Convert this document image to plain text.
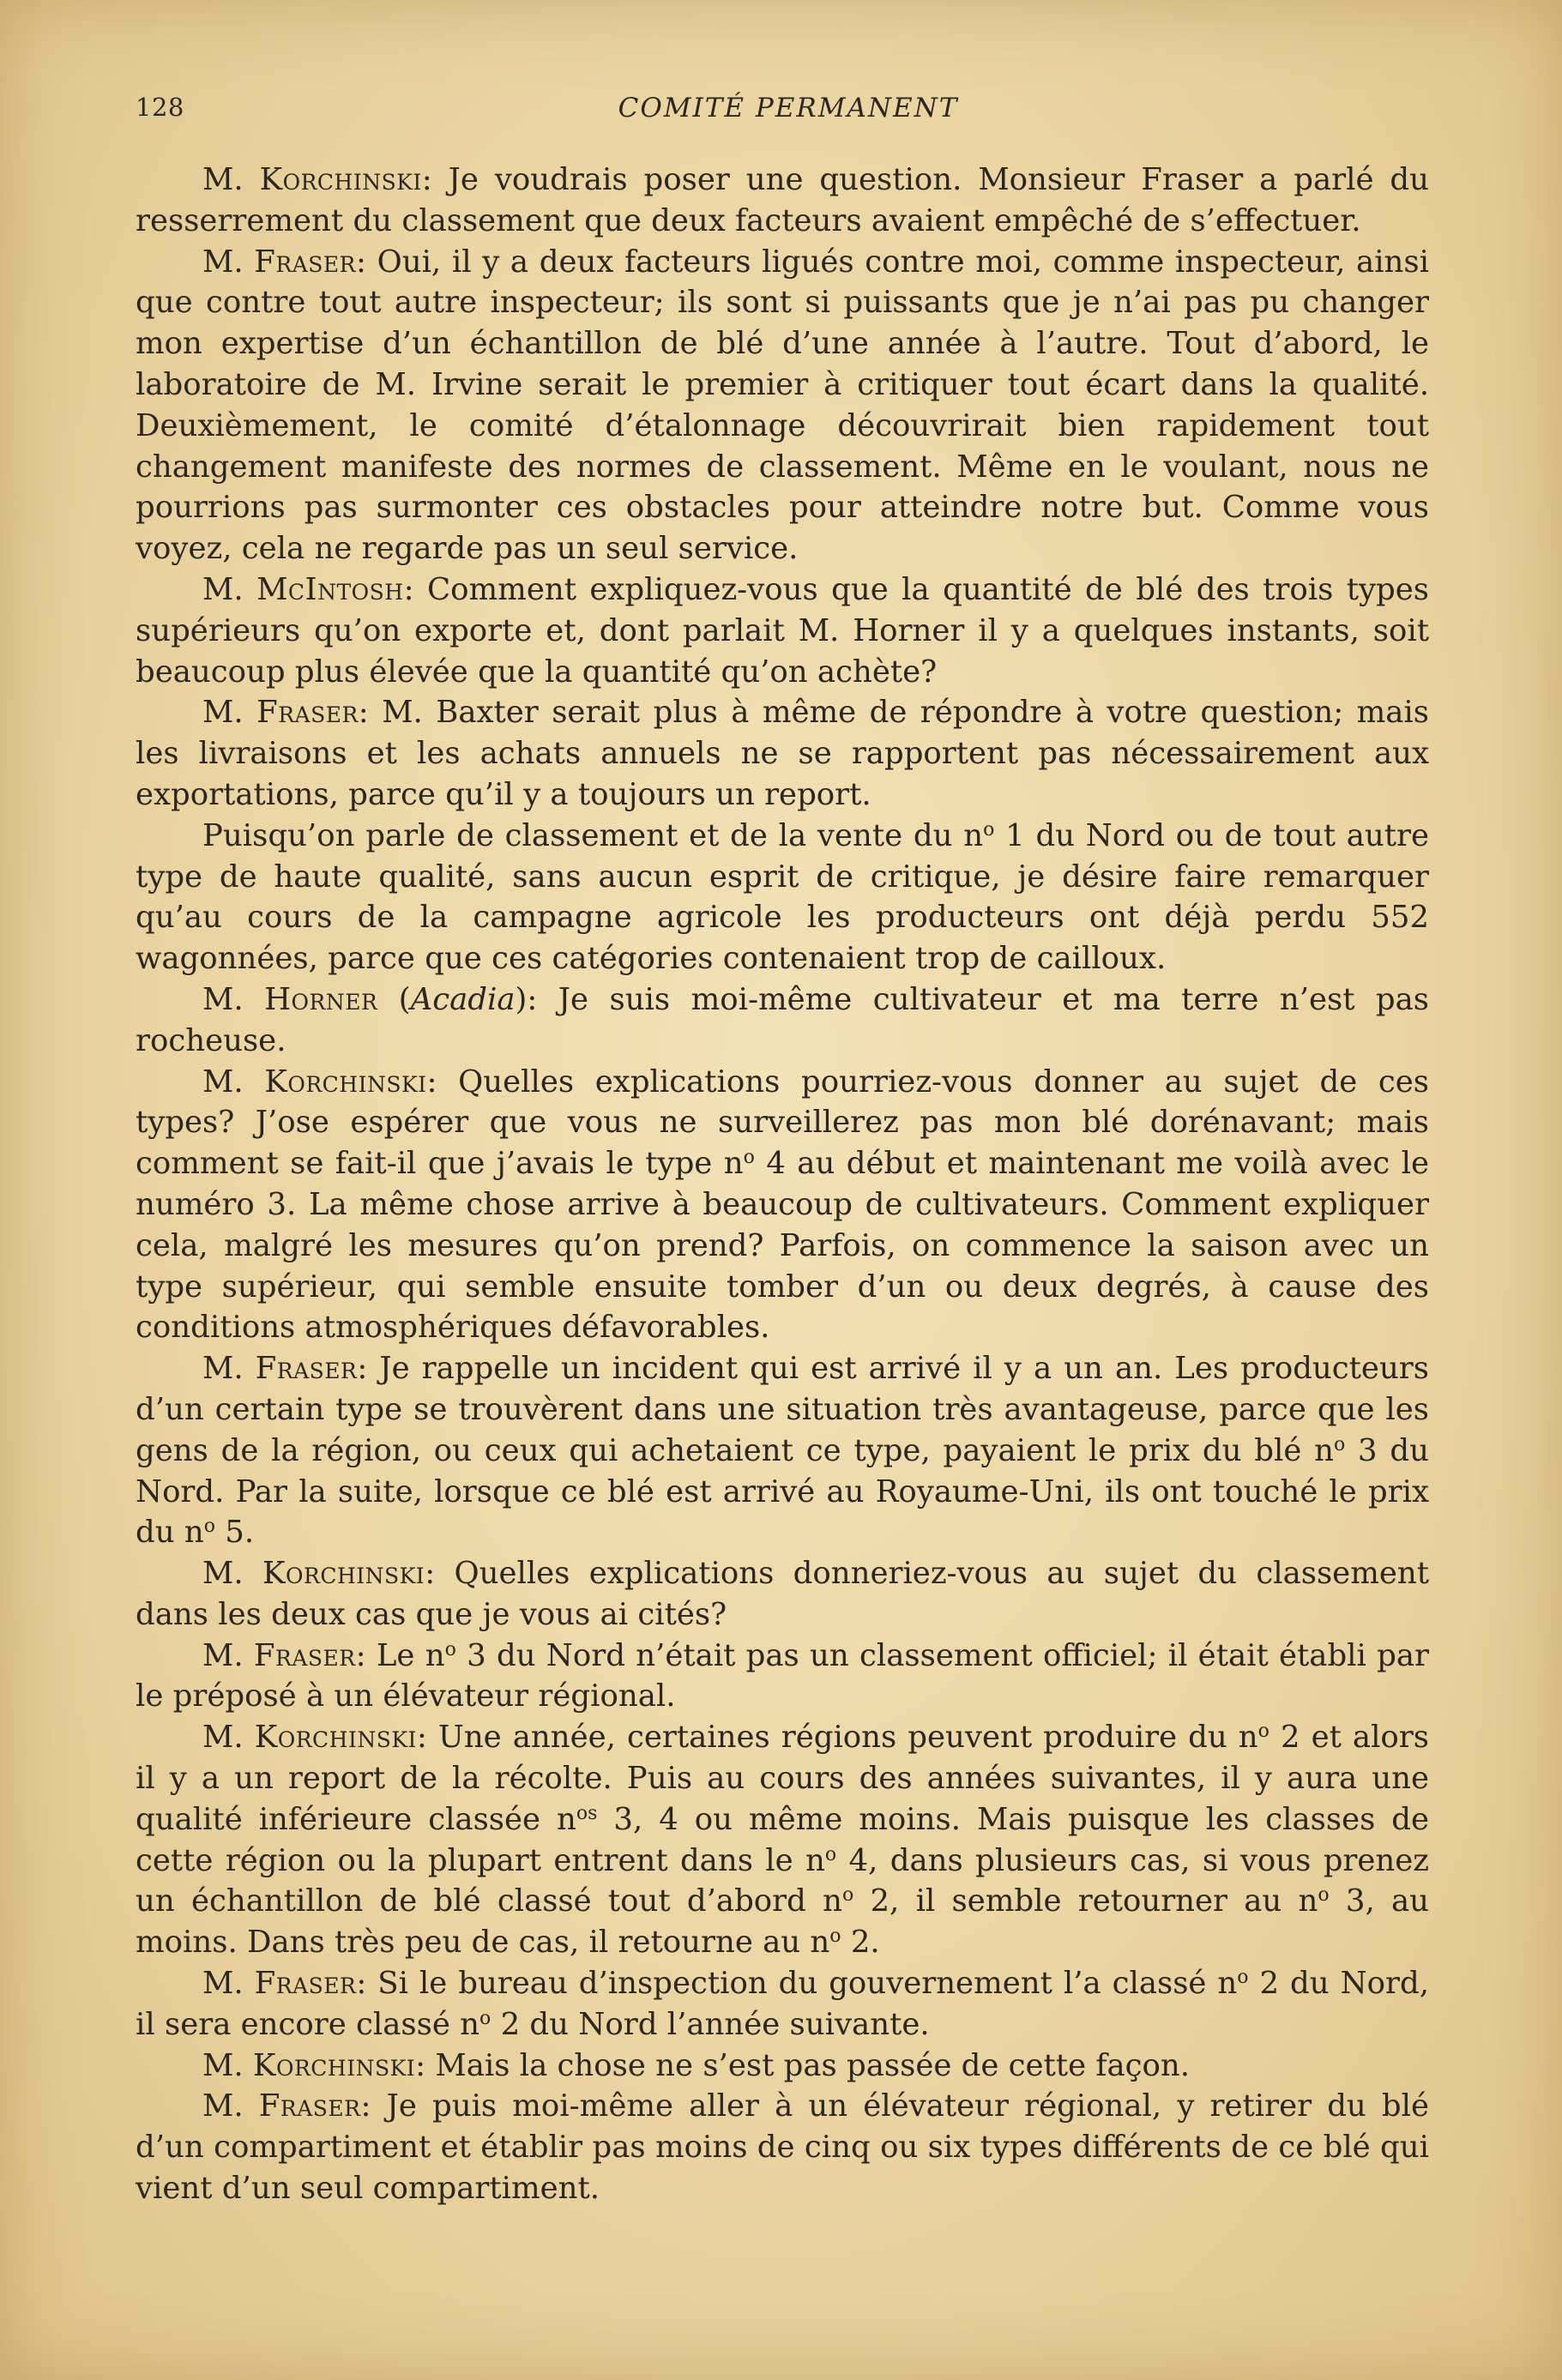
128	COMITÉ PERMANENT

M. Korchinski: Je voudrais poser une question. Monsieur Fraser a parlé du resserrement du classement que deux facteurs avaient empêché de s’effectuer.

M. Fraser: Oui, il y a deux facteurs ligués contre moi, comme inspecteur, ainsi que contre tout autre inspecteur; ils sont si puissants que je n’ai pas pu changer mon expertise d’un échantillon de blé d’une année à l’autre. Tout d’abord, le laboratoire de M. Irvine serait le premier à critiquer tout écart dans la qualité. Deuxièmement, le comité d’étalonnage découvrirait bien rapidement tout changement manifeste des normes de classement. Même en le voulant, nous ne pourrions pas surmonter ces obstacles pour atteindre notre but. Comme vous voyez, cela ne regarde pas un seul service.

M. McIntosh: Comment expliquez-vous que la quantité de blé des trois types supérieurs qu’on exporte et, dont parlait M. Horner il y a quelques instants, soit beaucoup plus élevée que la quantité qu’on achète?

M. Fraser: M. Baxter serait plus à même de répondre à votre question; mais les livraisons et les achats annuels ne se rapportent pas nécessairement aux exportations, parce qu’il y a toujours un report.

Puisqu’on parle de classement et de la vente du $n^o$ 1 du Nord ou de tout autre type de haute qualité, sans aucun esprit de critique, je désire faire remarquer qu’au cours de la campagne agricole les producteurs ont déjà perdu 552 wagonnées, parce que ces catégories contenaient trop de cailloux.

M. Horner (Acadia): Je suis moi-même cultivateur et ma terre n’est pas rocheuse.

M. Korchinski: Quelles explications pourriez-vous donner au sujet de ces types? J’ose espérer que vous ne surveillerez pas mon blé dorénavant; mais comment se fait-il que j’avais le type $n^o$ 4 au début et maintenant me voilà avec le numéro 3. La même chose arrive à beaucoup de cultivateurs. Comment expliquer cela, malgré les mesures qu’on prend? Parfois, on commence la saison avec un type supérieur, qui semble ensuite tomber d’un ou deux degrés, à cause des conditions atmosphériques défavorables.

M. Fraser: Je rappelle un incident qui est arrivé il y a un an. Les producteurs d’un certain type se trouvèrent dans une situation très avantageuse, parce que les gens de la région, ou ceux qui achetaient ce type, payaient le prix du blé $n^o$ 3 du Nord. Par la suite, lorsque ce blé est arrivé au Royaume-Uni, ils ont touché le prix du $n^o$ 5.

M. Korchinski: Quelles explications donneriez-vous au sujet du classement dans les deux cas que je vous ai cités?

M. Fraser: Le $n^o$ 3 du Nord n’était pas un classement officiel; il était établi par le préposé à un élévateur régional.

M. Korchinski: Une année, certaines régions peuvent produire du $n^o$ 2 et alors il y a un report de la récolte. Puis au cours des années suivantes, il y aura une qualité inférieure classée $n^{os}$ 3, 4 ou même moins. Mais puisque les classes de cette région ou la plupart entrent dans le $n^o$ 4, dans plusieurs cas, si vous prenez un échantillon de blé classé tout d’abord $n^o$ 2, il semble retourner au $n^o$ 3, au moins. Dans très peu de cas, il retourne au $n^o$ 2.

M. Fraser: Si le bureau d’inspection du gouvernement l’a classé $n^o$ 2 du Nord, il sera encore classé $n^o$ 2 du Nord l’année suivante.

M. Korchinski: Mais la chose ne s’est pas passée de cette façon.

M. Fraser: Je puis moi-même aller à un élévateur régional, y retirer du blé d’un compartiment et établir pas moins de cinq ou six types différents de ce blé qui vient d’un seul compartiment.
